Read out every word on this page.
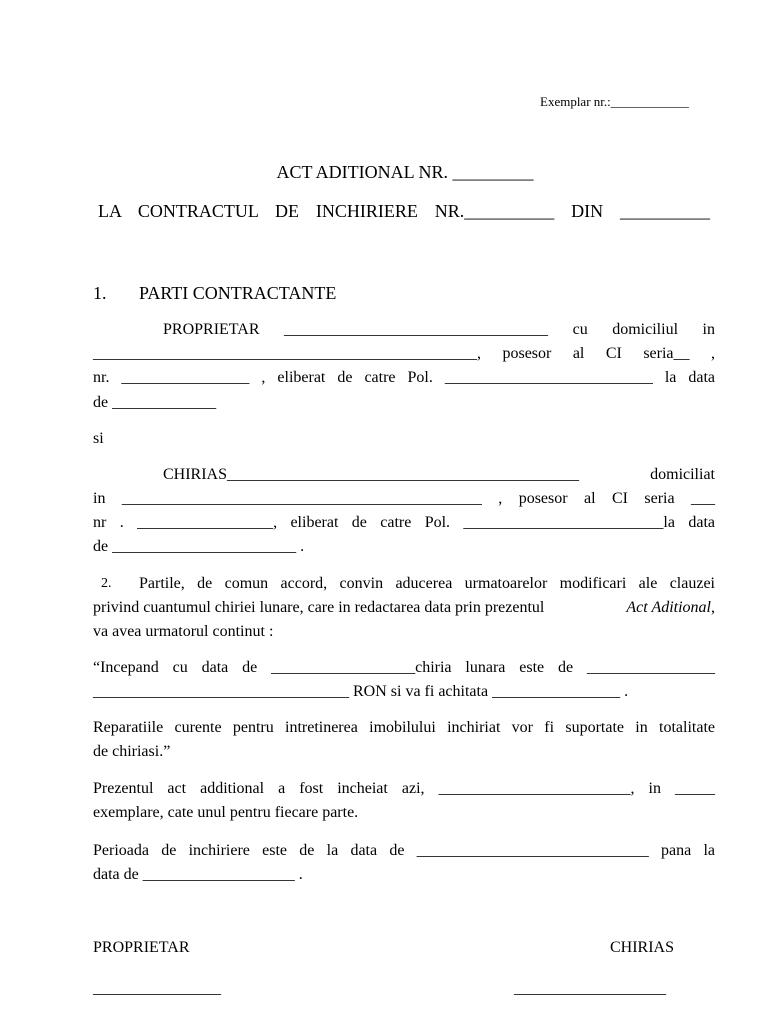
Exemplar nr.:____________
ACT ADITIONAL NR. _________
LA CONTRACTUL DE INCHIRIERE NR.__________ DIN __________
1. PARTI CONTRACTANTE
PROPRIETAR _________________________________ cu domiciliul in
________________________________________________, posesor al CI seria__ ,
nr. ________________ , eliberat de catre Pol. __________________________ la data
de _____________
si
CHIRIAS____________________________________________ domiciliat
in _____________________________________________ , posesor al CI seria ___
nr . _________________, eliberat de catre Pol. _________________________la data
de _______________________ .
2. Partile, de comun accord, convin aducerea urmatoarelor modificari ale clauzei
privind cuantumul chiriei lunare, care in redactarea data prin prezentul	Act Aditional,
va avea urmatorul continut :
“Incepand cu data de __________________chiria lunara este de ________________
________________________________ RON si va fi achitata ________________ .
Reparatiile curente pentru intretinerea imobilului inchiriat vor fi suportate in totalitate
de chiriasi.”
Prezentul act additional a fost incheiat azi, ________________________, in _____
exemplare, cate unul pentru fiecare parte.
Perioada de inchiriere este de la data de _____________________________ pana la
data de ___________________ .
PROPRIETAR	CHIRIAS
________________	___________________
